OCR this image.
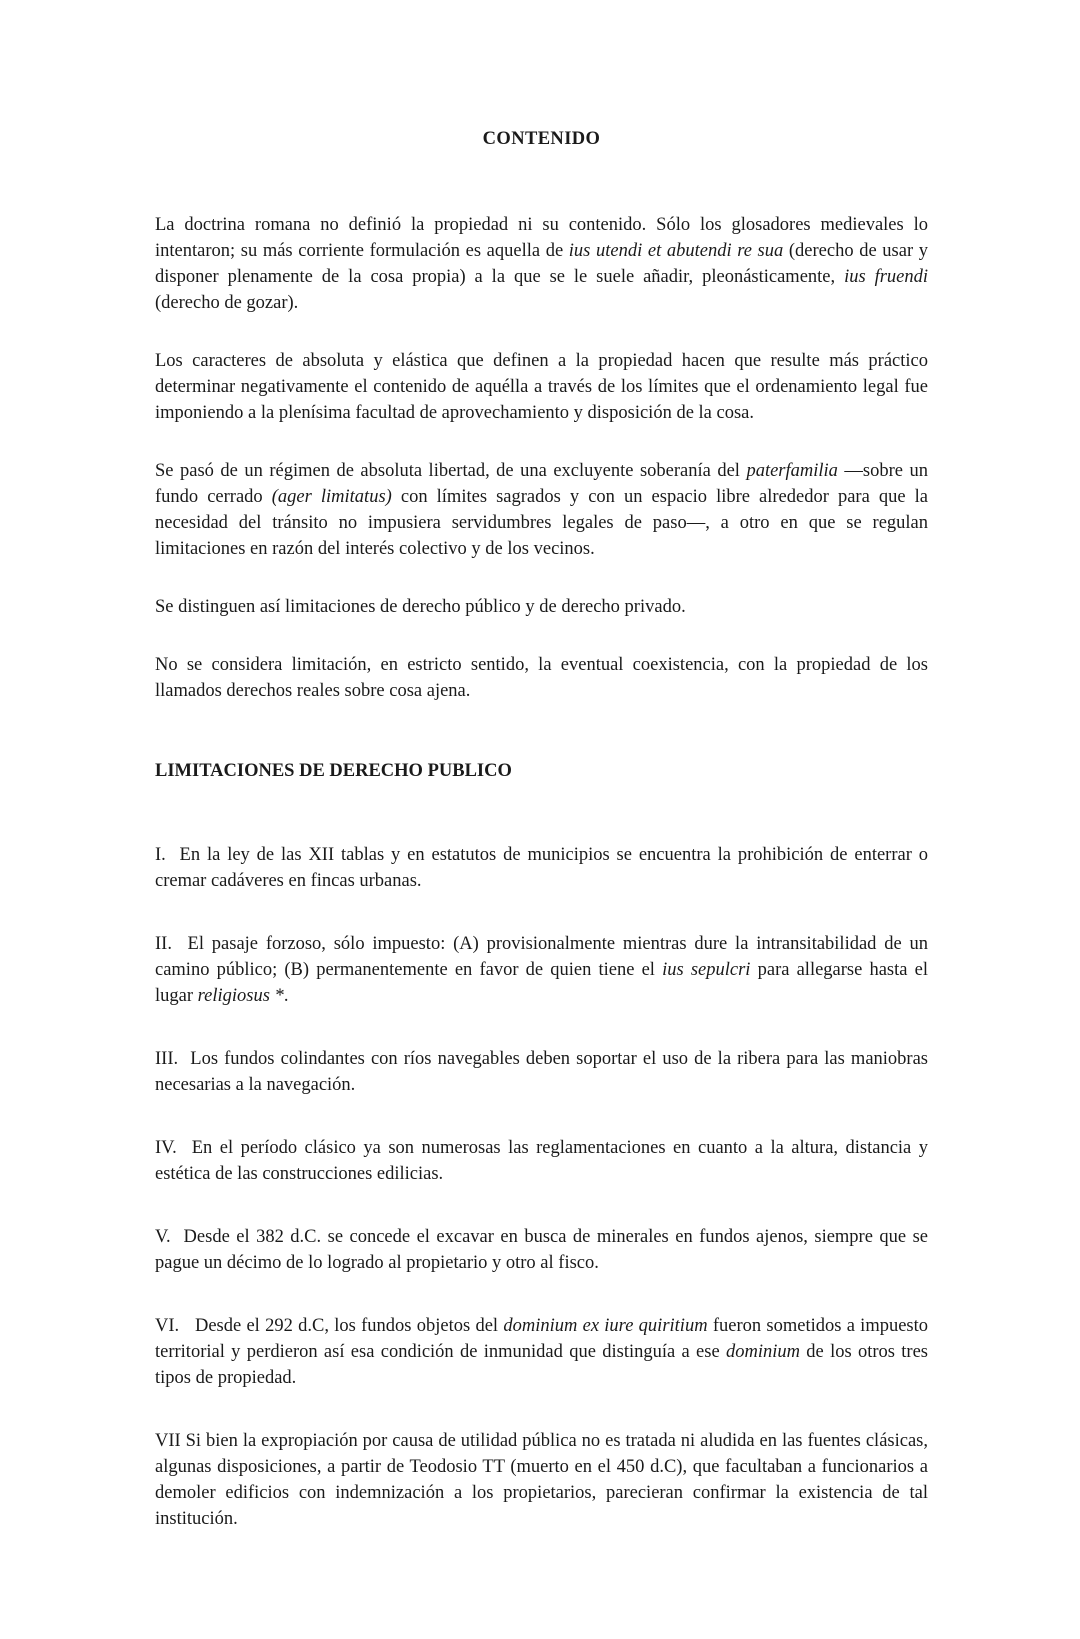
CONTENIDO

La doctrina romana no definió la propiedad ni su contenido. Sólo los glosadores medievales lo intentaron; su más corriente formulación es aquella de ius utendi et abutendi re sua (derecho de usar y disponer plenamente de la cosa propia) a la que se le suele añadir, pleonásticamente, ius fruendi (derecho de gozar).

Los caracteres de absoluta y elástica que definen a la propiedad hacen que resulte más práctico determinar negativamente el contenido de aquélla a través de los límites que el ordenamiento legal fue imponiendo a la plenísima facultad de aprovechamiento y disposición de la cosa.

Se pasó de un régimen de absoluta libertad, de una excluyente soberanía del paterfamilia —sobre un fundo cerrado (ager limitatus) con límites sagrados y con un espacio libre alrededor para que la necesidad del tránsito no impusiera servidumbres legales de paso—, a otro en que se regulan limitaciones en razón del interés colectivo y de los vecinos.

Se distinguen así limitaciones de derecho público y de derecho privado.

No se considera limitación, en estricto sentido, la eventual coexistencia, con la propiedad de los llamados derechos reales sobre cosa ajena.

LIMITACIONES DE DERECHO PUBLICO

I.  En la ley de las XII tablas y en estatutos de municipios se encuentra la prohibición de enterrar o cremar cadáveres en fincas urbanas.

II.  El pasaje forzoso, sólo impuesto: (A) provisionalmente mientras dure la intransitabilidad de un camino público; (B) permanentemente en favor de quien tiene el ius sepulcri para allegarse hasta el lugar religiosus *.

III.  Los fundos colindantes con ríos navegables deben soportar el uso de la ribera para las maniobras necesarias a la navegación.

IV.  En el período clásico ya son numerosas las reglamentaciones en cuanto a la altura, distancia y estética de las construcciones edilicias.

V.  Desde el 382 d.C. se concede el excavar en busca de minerales en fundos ajenos, siempre que se pague un décimo de lo logrado al propietario y otro al fisco.

VI.   Desde el 292 d.C, los fundos objetos del dominium ex iure quiritium fueron sometidos a impuesto territorial y perdieron así esa condición de inmunidad que distinguía a ese dominium de los otros tres tipos de propiedad.

VII Si bien la expropiación por causa de utilidad pública no es tratada ni aludida en las fuentes clásicas, algunas disposiciones, a partir de Teodosio TT (muerto en el 450 d.C), que facultaban a funcionarios a demoler edificios con indemnización a los propietarios, parecieran confirmar la existencia de tal institución.
